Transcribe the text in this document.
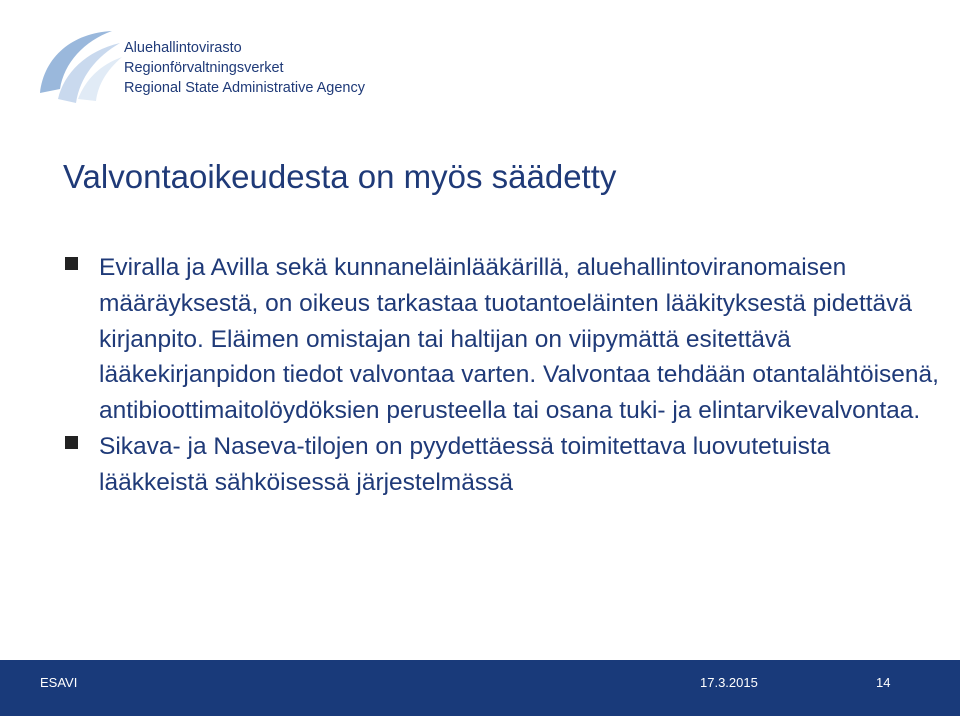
Aluehallintovirasto
Regionförvaltningsverket
Regional State Administrative Agency
Valvontaoikeudesta on myös säädetty
Eviralla ja Avilla sekä kunnaneläinlääkärillä, aluehallintoviranomaisen määräyksestä, on oikeus tarkastaa tuotantoeläinten lääkityksestä pidettävä kirjanpito. Eläimen omistajan tai haltijan on viipymättä esitettävä lääkekirjanpidon tiedot valvontaa varten. Valvontaa tehdään otantalähtöisenä, antibioottimaitolöydöksien perusteella tai osana tuki- ja elintarvikevalvontaa.
Sikava- ja Naseva-tilojen on pyydettäessä toimitettava luovutetuista lääkkeistä sähköisessä järjestelmässä
ESAVI	17.3.2015	14
